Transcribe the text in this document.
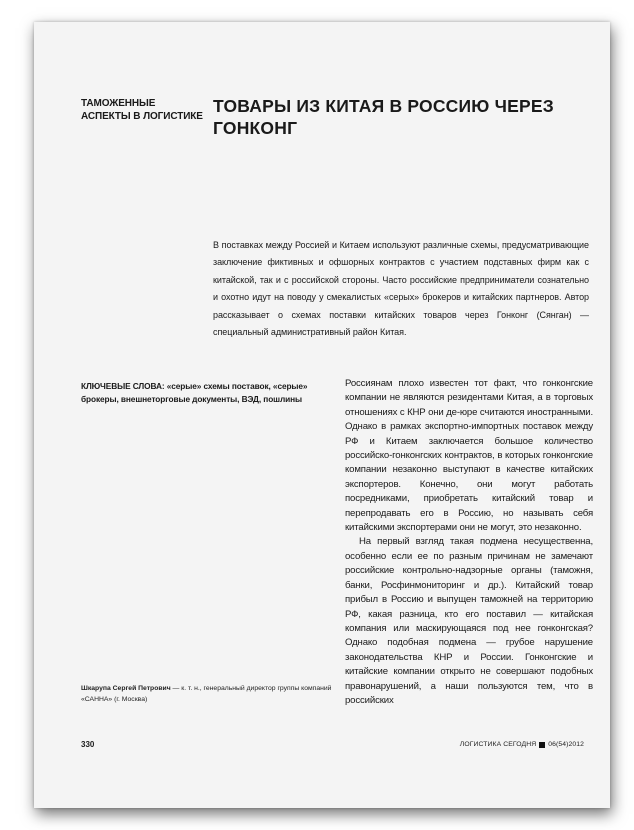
ТАМОЖЕННЫЕ АСПЕКТЫ В ЛОГИСТИКЕ
ТОВАРЫ ИЗ КИТАЯ В РОССИЮ ЧЕРЕЗ ГОНКОНГ
В поставках между Россией и Китаем используют различные схемы, предусматривающие заключение фиктивных и офшорных контрактов с участием подставных фирм как с китайской, так и с российской стороны. Часто российские предприниматели сознательно и охотно идут на поводу у смекалистых «серых» брокеров и китайских партнеров. Автор рассказывает о схемах поставки китайских товаров через Гонконг (Сянган) — специальный административный район Китая.
КЛЮЧЕВЫЕ СЛОВА: «серые» схемы поставок, «серые» брокеры, внешнеторговые документы, ВЭД, пошлины

Россиянам плохо известен тот факт, что гонконгские компании не являются резидентами Китая, а в торговых отношениях с КНР они де-юре считаются иностранными. Однако в рамках экспортно-импортных поставок между РФ и Китаем заключается большое количество российско-гонконгских контрактов, в которых гонконгские компании незаконно выступают в качестве китайских экспортеров. Конечно, они могут работать посредниками, приобретать китайский товар и перепродавать его в Россию, но называть себя китайскими экспортерами они не могут, это незаконно.

На первый взгляд такая подмена несущественна, особенно если ее по разным причинам не замечают российские контрольно-надзорные органы (таможня, банки, Росфинмониторинг и др.). Китайский товар прибыл в Россию и выпущен таможней на территорию РФ, какая разница, кто его поставил — китайская компания или маскирующаяся под нее гонконгская? Однако подобная подмена — грубое нарушение законодательства КНР и России. Гонконгские и китайские компании открыто не совершают подобных правонарушений, а наши пользуются тем, что в российских

Шкарупа Сергей Петрович — к. т. н., генеральный директор группы компаний «САННА» (г. Москва)
330	ЛОГИСТИКА СЕГОДНЯ 06(54)2012
